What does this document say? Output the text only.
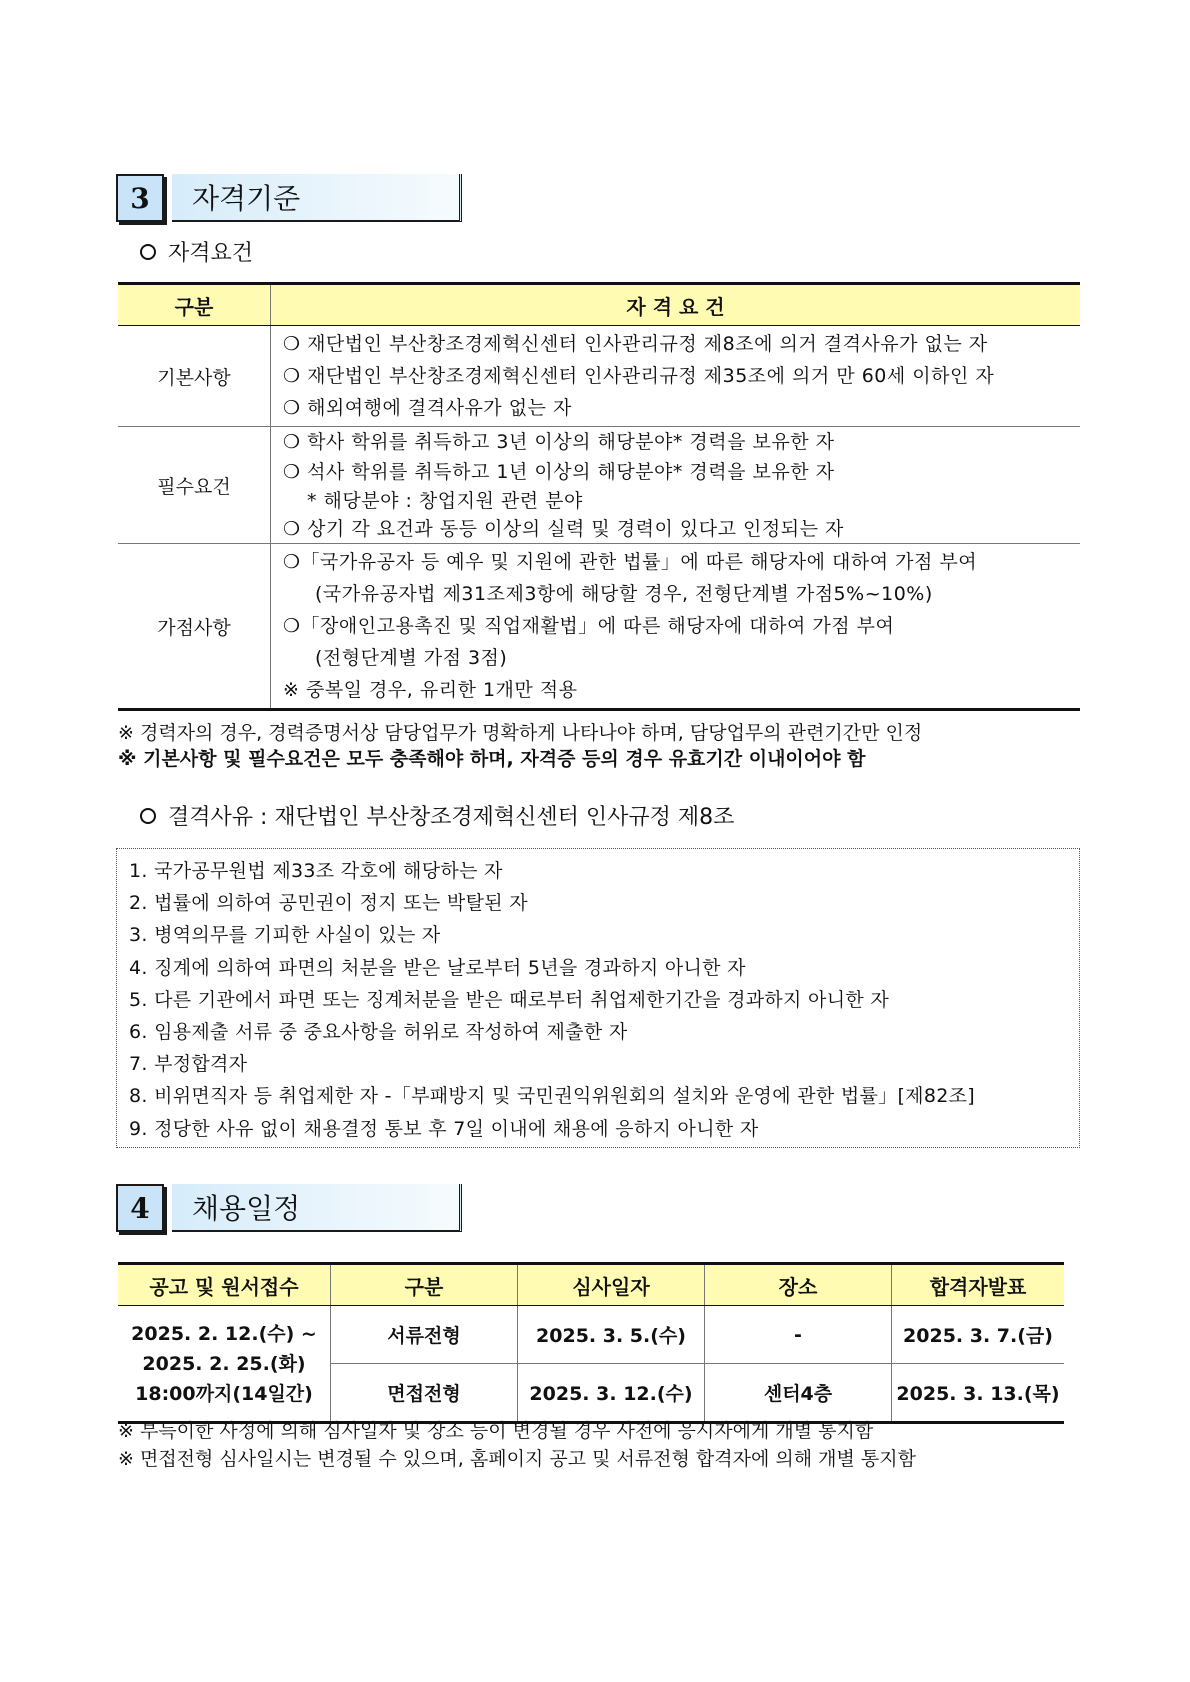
3	자격기준
자격요건
구분	자 격 요 건
기본사항	❍ 재단법인 부산창조경제혁신센터 인사관리규정 제8조에 의거 결격사유가 없는 자
❍ 재단법인 부산창조경제혁신센터 인사관리규정 제35조에 의거 만 60세 이하인 자
❍ 해외여행에 결격사유가 없는 자

필수요건	❍ 학사 학위를 취득하고 3년 이상의 해당분야* 경력을 보유한 자
❍ 석사 학위를 취득하고 1년 이상의 해당분야* 경력을 보유한 자
* 해당분야 : 창업지원 관련 분야
❍ 상기 각 요건과 동등 이상의 실력 및 경력이 있다고 인정되는 자

가점사항	❍「국가유공자 등 예우 및 지원에 관한 법률」에 따른 해당자에 대하여 가점 부여
(국가유공자법 제31조제3항에 해당할 경우, 전형단계별 가점5%~10%)
❍「장애인고용촉진 및 직업재활법」에 따른 해당자에 대하여 가점 부여
(전형단계별 가점 3점)
※ 중복일 경우, 유리한 1개만 적용
※ 경력자의 경우, 경력증명서상 담당업무가 명확하게 나타나야 하며, 담당업무의 관련기간만 인정
※ 기본사항 및 필수요건은 모두 충족해야 하며, 자격증 등의 경우 유효기간 이내이어야 함
결격사유 : 재단법인 부산창조경제혁신센터 인사규정 제8조
1. 국가공무원법 제33조 각호에 해당하는 자
2. 법률에 의하여 공민권이 정지 또는 박탈된 자
3. 병역의무를 기피한 사실이 있는 자
4. 징계에 의하여 파면의 처분을 받은 날로부터 5년을 경과하지 아니한 자
5. 다른 기관에서 파면 또는 징계처분을 받은 때로부터 취업제한기간을 경과하지 아니한 자
6. 임용제출 서류 중 중요사항을 허위로 작성하여 제출한 자
7. 부정합격자
8. 비위면직자 등 취업제한 자 -「부패방지 및 국민권익위원회의 설치와 운영에 관한 법률」[제82조]
9. 정당한 사유 없이 채용결정 통보 후 7일 이내에 채용에 응하지 아니한 자
4	채용일정
공고 및 원서접수	구분	심사일자	장소	합격자발표

2025. 2. 12.(수) ~
2025. 2. 25.(화)
18:00까지(14일간)	서류전형	2025. 3. 5.(수)	-	2025. 3. 7.(금)
	면접전형	2025. 3. 12.(수)	센터4층	2025. 3. 13.(목)
※ 부득이한 사정에 의해 심사일자 및 장소 등이 변경될 경우 사전에 응시자에게 개별 통지함
※ 면접전형 심사일시는 변경될 수 있으며, 홈페이지 공고 및 서류전형 합격자에 의해 개별 통지함
